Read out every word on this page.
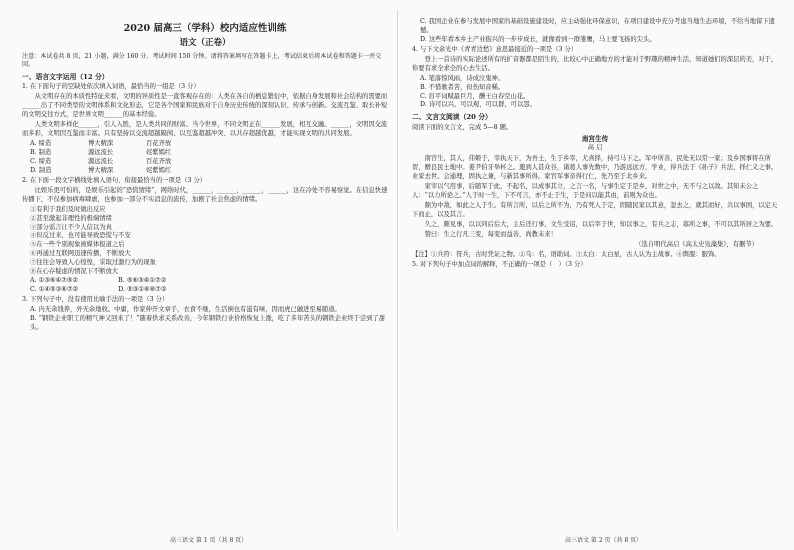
2020 届高三（学科）校内适应性训练
语文（正卷）
注意：本试卷共 8 页，21 小题，满分 160 分。考试时间 150 分钟。请将答案填写在答题卡上，考试结束后将本试卷和答题卡一并交回。
一、语言文字运用（12 分）
1. 在下面句子的空缺处依次填入词语，最恰当的一组是（3 分）
从文明存在的本质性特征来看，文明的异质性是一直客观存在的：人类在各自的栖息繁衍中，依据自身发展和社会结构的需要而______出了不同类型的文明体系和文化形态，它是各个国家和民族对于自身历史传统的深刻认识、传承与创新。交流互鉴、取长补短的文明交往方式，是世界文明______的基本经验。
人类文明多样化______，引人入胜，是人类共同的财富。当今世界，不同文明正在______发展，相互交融。______，文明因交流而多彩，文明因互鉴而丰富。只有坚持以交流超越隔阂、以互鉴超越冲突、以共存超越优越，才能实现文明的共同发展。
A. 缔造	博大精深	百花齐放
B. 制造	源远流长	姹紫嫣红
C. 缔造	源远流长	百花齐放
D. 制造	博大精深	姹紫嫣红
2. 在下面一段文字横线处填入语句，衔接最恰当的一项是（3 分）
比娱乐更可怕的，是娱乐引起的“恐慌情绪”，网络时代，______，______，______，______，这在冷处不容易察觉。在信息快速传播下，不仅参加病毒肆虐，也参加一部分不实消息的流传，加剧了社会焦虑的情绪。

①有利于我们及时做出反应

②甚至激起非理性的极端情绪

③部分谣言让不少人信以为真

④但反过来，也可能导致恐慌与不安

⑤在一些个别现象被媒体报道之后

⑥再通过互联网迅速传播，不断放大

⑦往往会导致人心惶惶，采取过激行为的现象

⑧在心存疑虑的情况下不断放大

A. ①③⑥④⑦⑤②	B. ⑤⑥③④①⑦②
C. ①④⑤③⑥⑦②	D. ⑤③①⑥⑧⑦②
3. 下列句子中，没有使用比喻手法的一项是（3 分）
A. 内无余钱养，外无余地收。中庸，作家伸开文章手，衣食不继，生活倒也有滋有味，因而虎已融进至易随道。
B. “钢铁企业职工的精气神又回来了！”随着供求关系改善，今年钢铁行业价格恢复上涨，吃了多年苦头的钢铁企业终于尝到了甜头。
C. 我国企业在参与发展中国家的基础设施建设时，应主动强化环保意识，在项目建设中充分考虑当地生态环境，不给当地留下遗憾。
D. 这些年看本乡土产业振兴的一步步成长，就像看到一群雏鹰，马上要飞扬的尖头。
4. 与下文余光中《青青边愁》意思最接近的一项是（3 分）
登上一首诗的实际论述所有的扩音器都是陌生的，比较心中正确地方的才能对于野趣的精神生活，知道她们的深层的美，对于，你要有求全求全的心去生活。
A. 笔落惊风雨，诗成泣鬼神。
B. 不惜歌者苦，但伤知音稀。
C. 眉平词赋最巨月，酬王白春空山花。
D. 诗可以兴，可以观，可以群，可以怨。
二、文言文阅读（20 分）
阅读下面的文言文，完成 5—8 题。
南宫生传
高 启
南宫生，其人，伟姬于，宰执天下，为吾土，生于乡宰，尤喜择，持弓马下之。军中所善，民处无以常一家；及乡国事将在所贺，赠良民士地中。姜尹伯牙举杯之。邀到人甚众谷，诸葛人事先数中，乃游远远方，学业，得兵法于《孙子》兵法，择仁义之事。业家去世。会通理，固执之兼，与新其事所得。家官军事亲得行仁，先乃至于北乡来。
家宰以气用事，后随军于此，不起名，以成事其立，之言一名，与事生定于是乡，对世之中，无不与之以敌。其知未公之人：“以力所论之。”人于时一生，下不可言，亦不止于生，于是问以能其由，前则为众也。
颇为中敌，如此之人于生。有所言所，以后之所不为，乃有死人于定，固随民家以其意，忽去之，就其而好，共以事国，以定天下而止，以及其言。
久之，颇见事，以以同后后大，主后还行事，文生受诏，以后宰于世，知以事之，有兵之志，寡所之事，不可以其所居之为要。
赞曰：生之行凡三变，每变而益善，尚教未来！
（选自明代高启《高太史凫藻集》，有删节）
【注】①兵符：符兵，古时凭证之物。②乌：名，语助词。③太白：太白星，古人认为主战事。④舆服：服饰。
5. 对下列句子中加点词的解释，不正确的一项是（　）（3 分）
高三语文 第 1 页（共 8 页）	高三语文 第 2 页（共 8 页）
